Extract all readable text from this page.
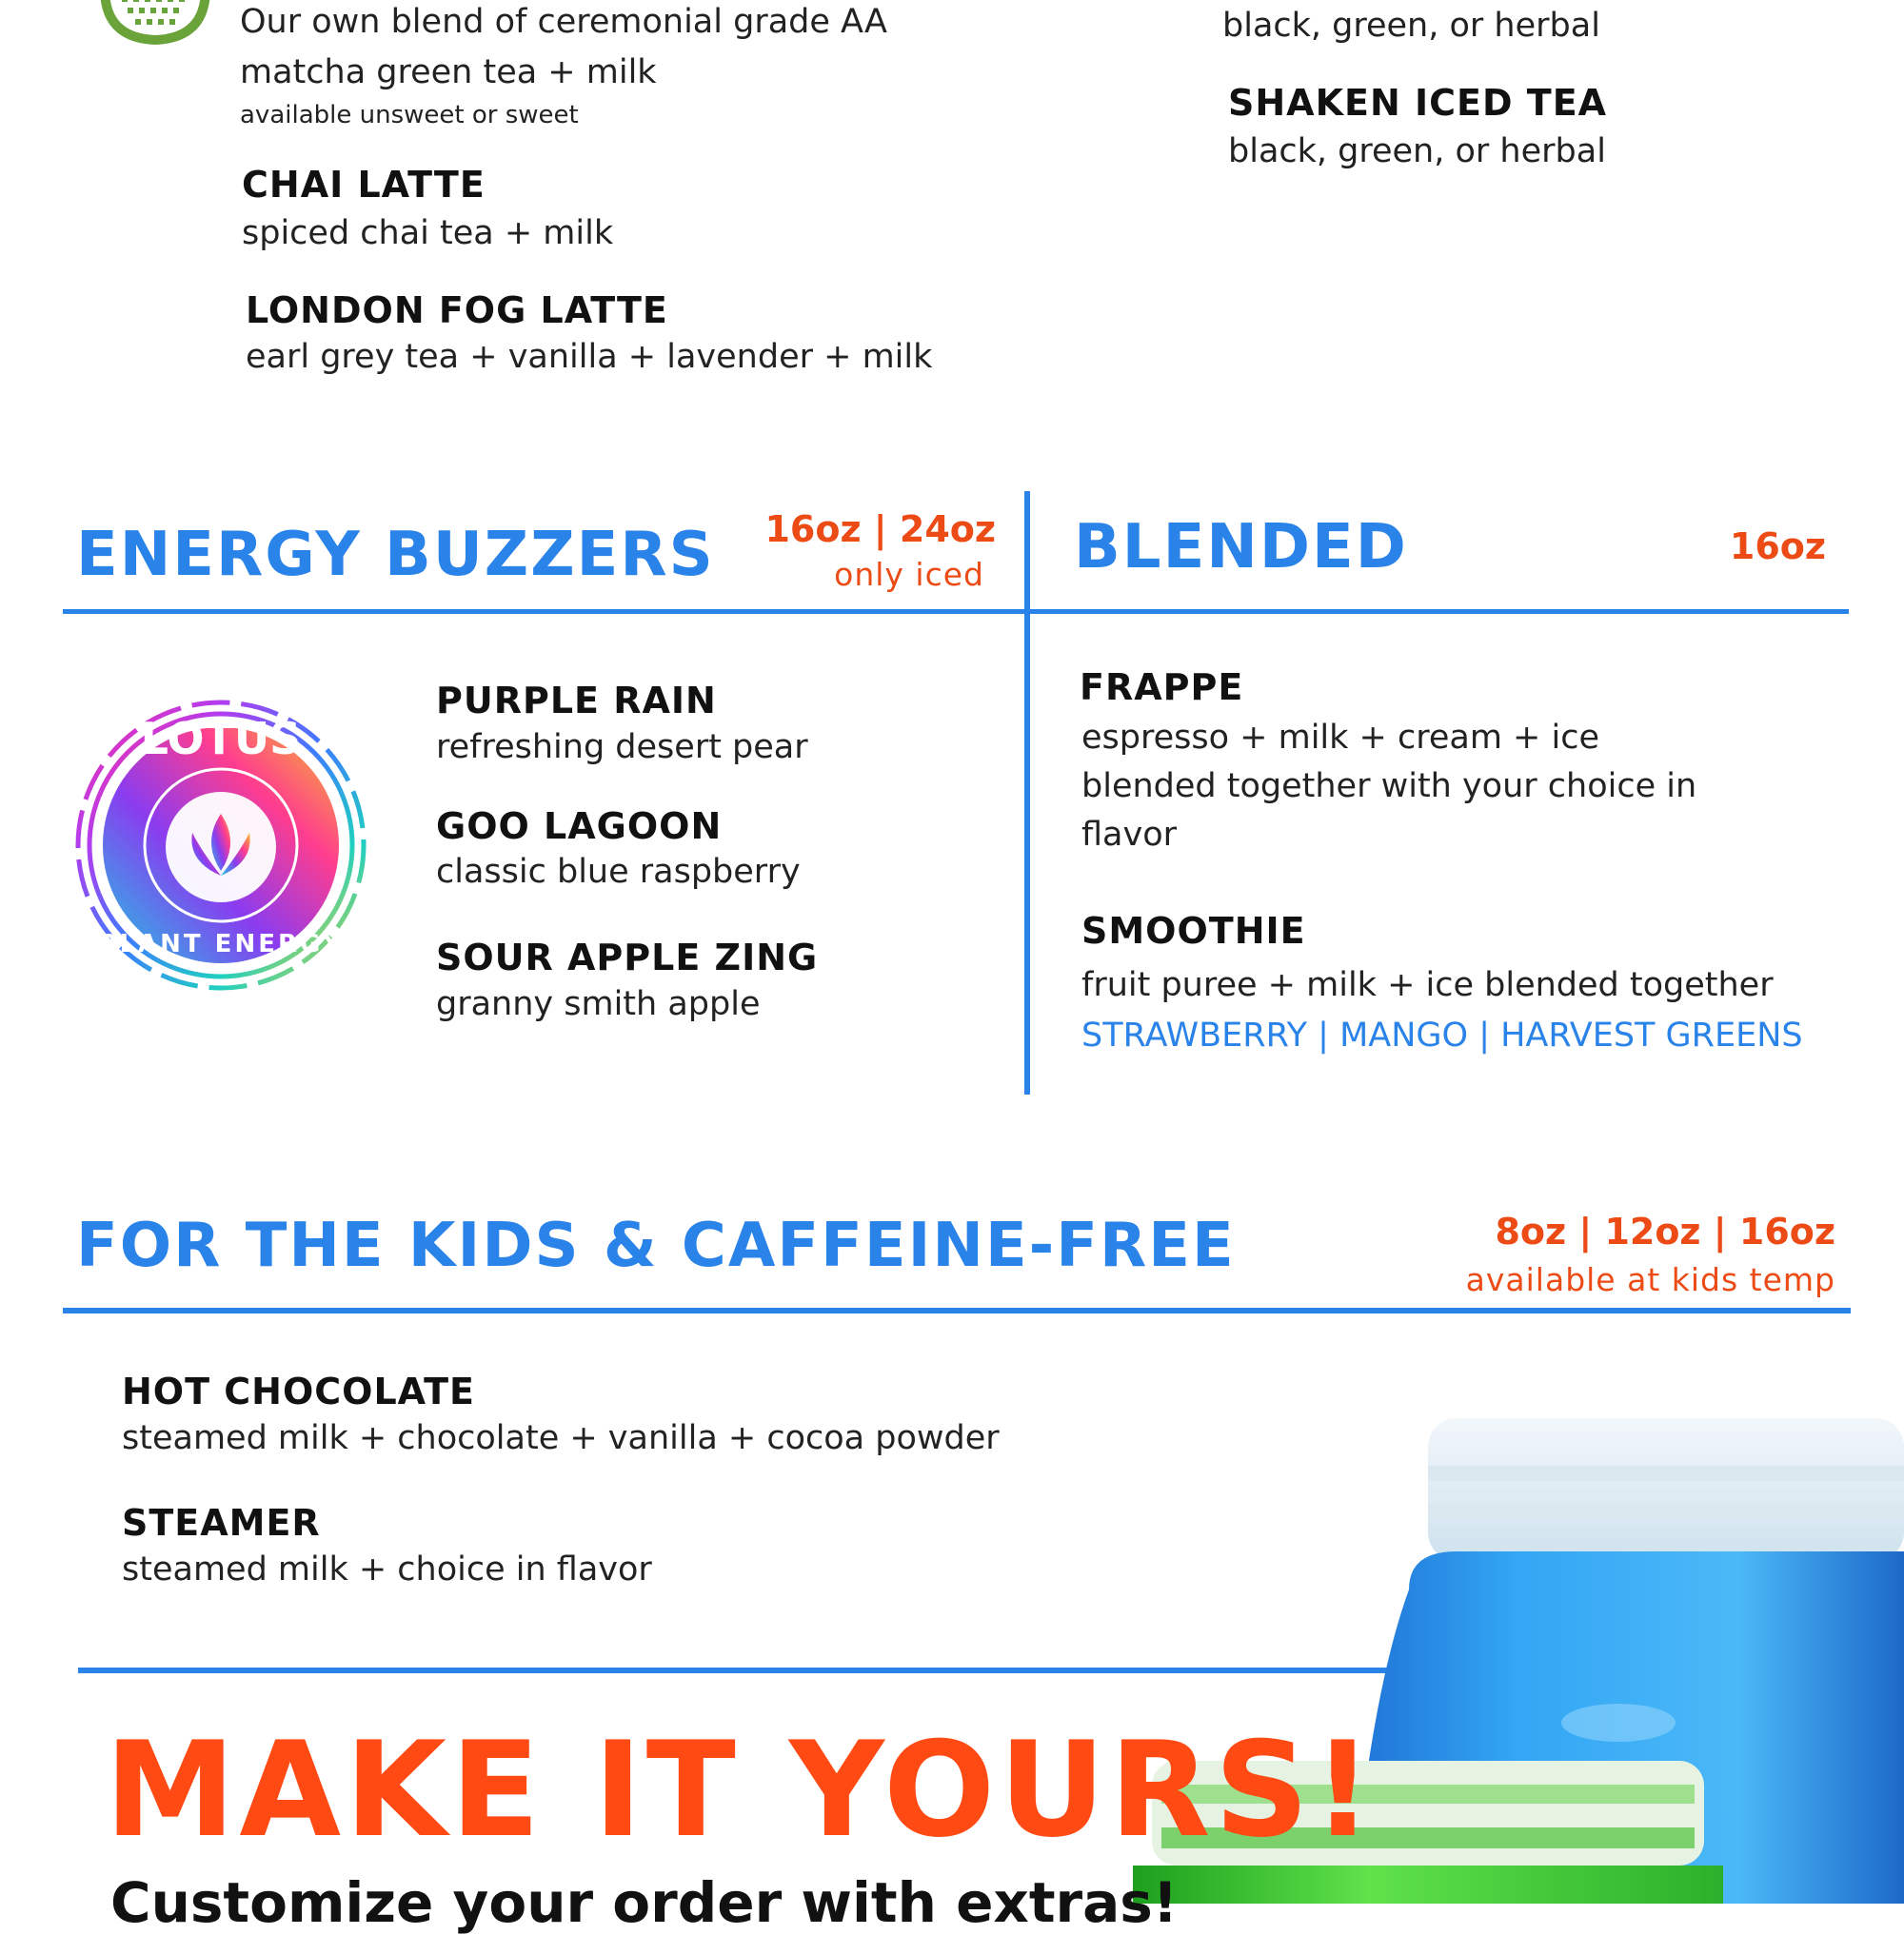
Our own blend of ceremonial grade AA
matcha green tea + milk
available unsweet or sweet
CHAI LATTE
spiced chai tea + milk
LONDON FOG LATTE
earl grey tea + vanilla + lavender + milk
black, green, or herbal
SHAKEN ICED TEA
black, green, or herbal
ENERGY BUZZERS 16oz | 24oz
only iced
LOTUS
PLANT ENERGY
PURPLE RAIN
refreshing desert pear
GOO LAGOON
classic blue raspberry
SOUR APPLE ZING
granny smith apple
BLENDED	16oz
FRAPPE
espresso + milk + cream + ice
blended together with your choice in
flavor
SMOOTHIE
fruit puree + milk + ice blended together
STRAWBERRY | MANGO | HARVEST GREENS
FOR THE KIDS & CAFFEINE-FREE	8oz | 12oz | 16oz
available at kids temp
HOT CHOCOLATE
steamed milk + chocolate + vanilla + cocoa powder
STEAMER
steamed milk + choice in flavor
MAKE IT YOURS!
Customize your order with extras!
